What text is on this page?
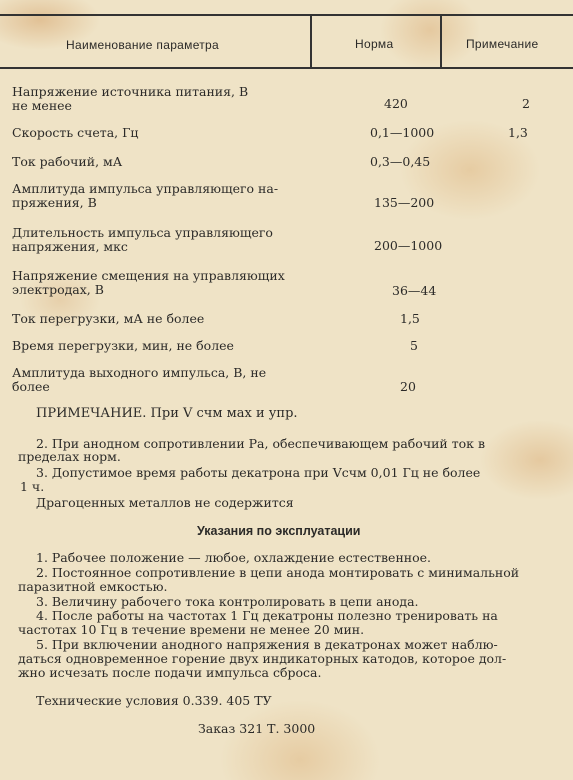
Наименование параметра	Норма	Примечание
Напряжение источника питания, В
не менее	420	2
Скорость счета, Гц	0,1—1000	1,3
Ток рабочий, мА	0,3—0,45
Амплитуда импульса управляющего на-
пряжения, В	135—200
Длительность импульса управляющего
напряжения, мкс	200—1000
Напряжение смещения на управляющих
электродах, В	36—44
Ток перегрузки, мА не более	1,5
Время перегрузки, мин, не более	5
Амплитуда выходного импульса, В, не
более	20
ПРИМЕЧАНИЕ. При V счм мах и упр.
2. При анодном сопротивлении Ра, обеспечивающем рабочий ток в
пределах норм.
3. Допустимое время работы декатрона при Vсчм 0,01 Гц не более
1 ч.
Драгоценных металлов не содержится
Указания по эксплуатации
1. Рабочее положение — любое, охлаждение естественное.
2. Постоянное сопротивление в цепи анода монтировать с минимальной
паразитной емкостью.
3. Величину рабочего тока контролировать в цепи анода.
4. После работы на частотах 1 Гц декатроны полезно тренировать на
частотах 10 Гц в течение времени не менее 20 мин.
5. При включении анодного напряжения в декатронах может наблю-
даться одновременное горение двух индикаторных катодов, которое дол-
жно исчезать после подачи импульса сброса.
Технические условия 0.339. 405 ТУ
Заказ 321 Т. 3000
